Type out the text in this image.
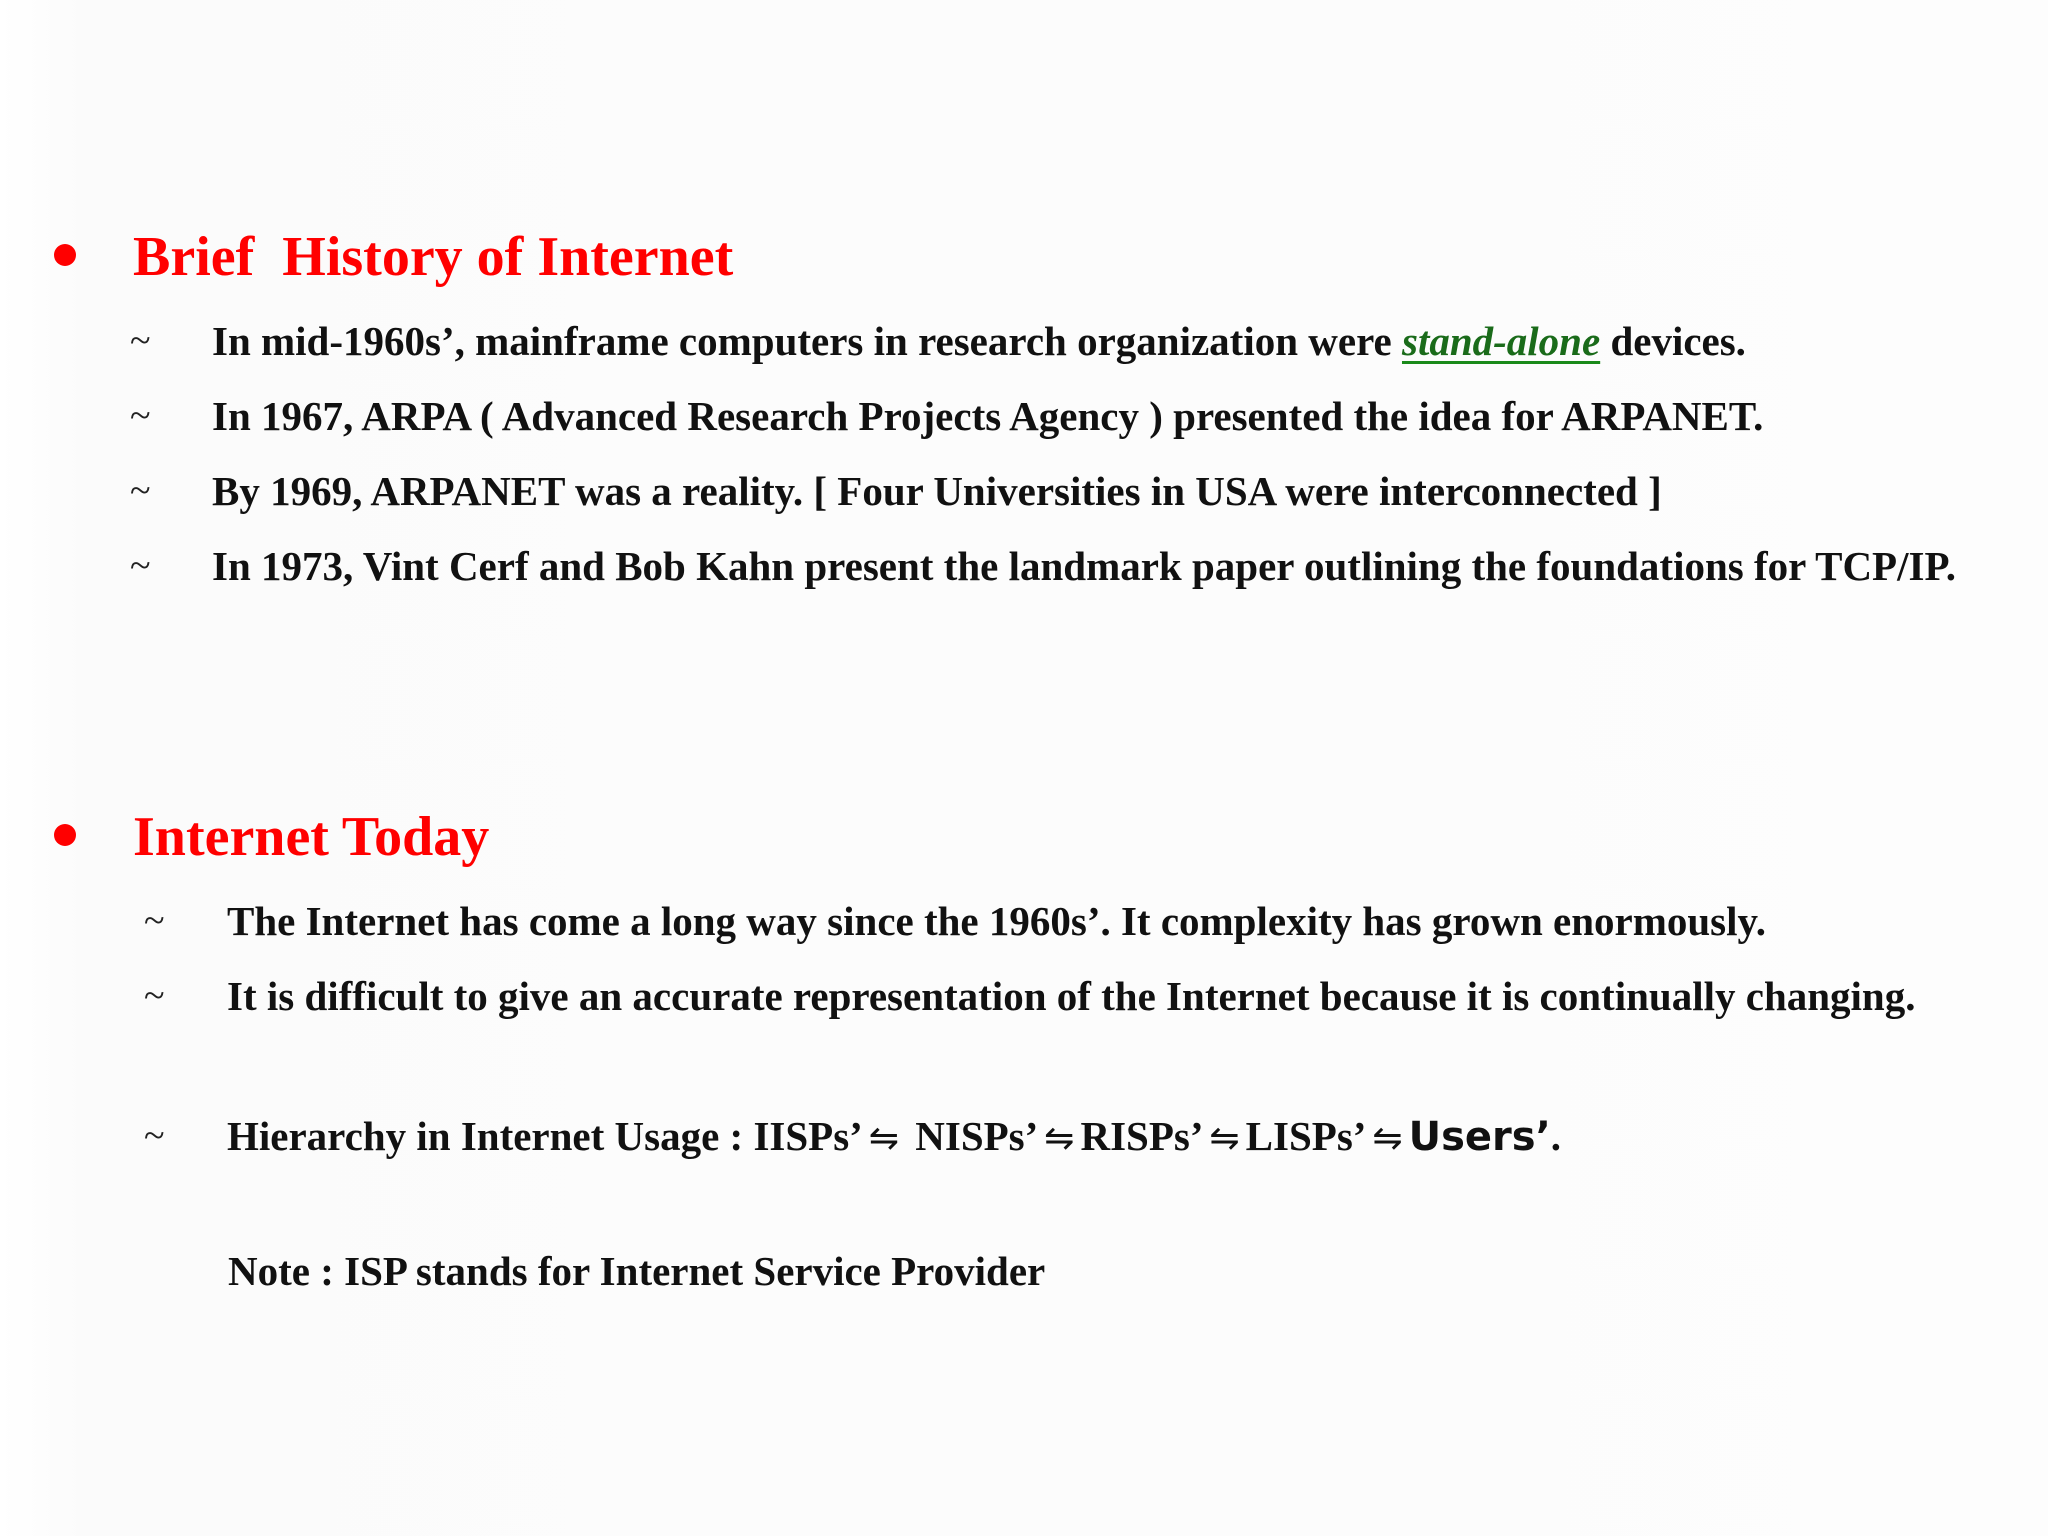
Brief  History of Internet
~ In mid-1960s’, mainframe computers in research organization were stand-alone devices.
~ In 1967, ARPA ( Advanced Research Projects Agency ) presented the idea for ARPANET.
~ By 1969, ARPANET was a reality. [ Four Universities in USA were interconnected ]
~ In 1973, Vint Cerf and Bob Kahn present the landmark paper outlining the foundations for TCP/IP.
Internet Today
~ The Internet has come a long way since the 1960s’. It complexity has grown enormously.
~ It is difficult to give an accurate representation of the Internet because it is continually changing.
~ Hierarchy in Internet Usage : IISPs’ ⇋ NISPs’ ⇋ RISPs’ ⇋ LISPs’ ⇋ Users’.
Note : ISP stands for Internet Service Provider
